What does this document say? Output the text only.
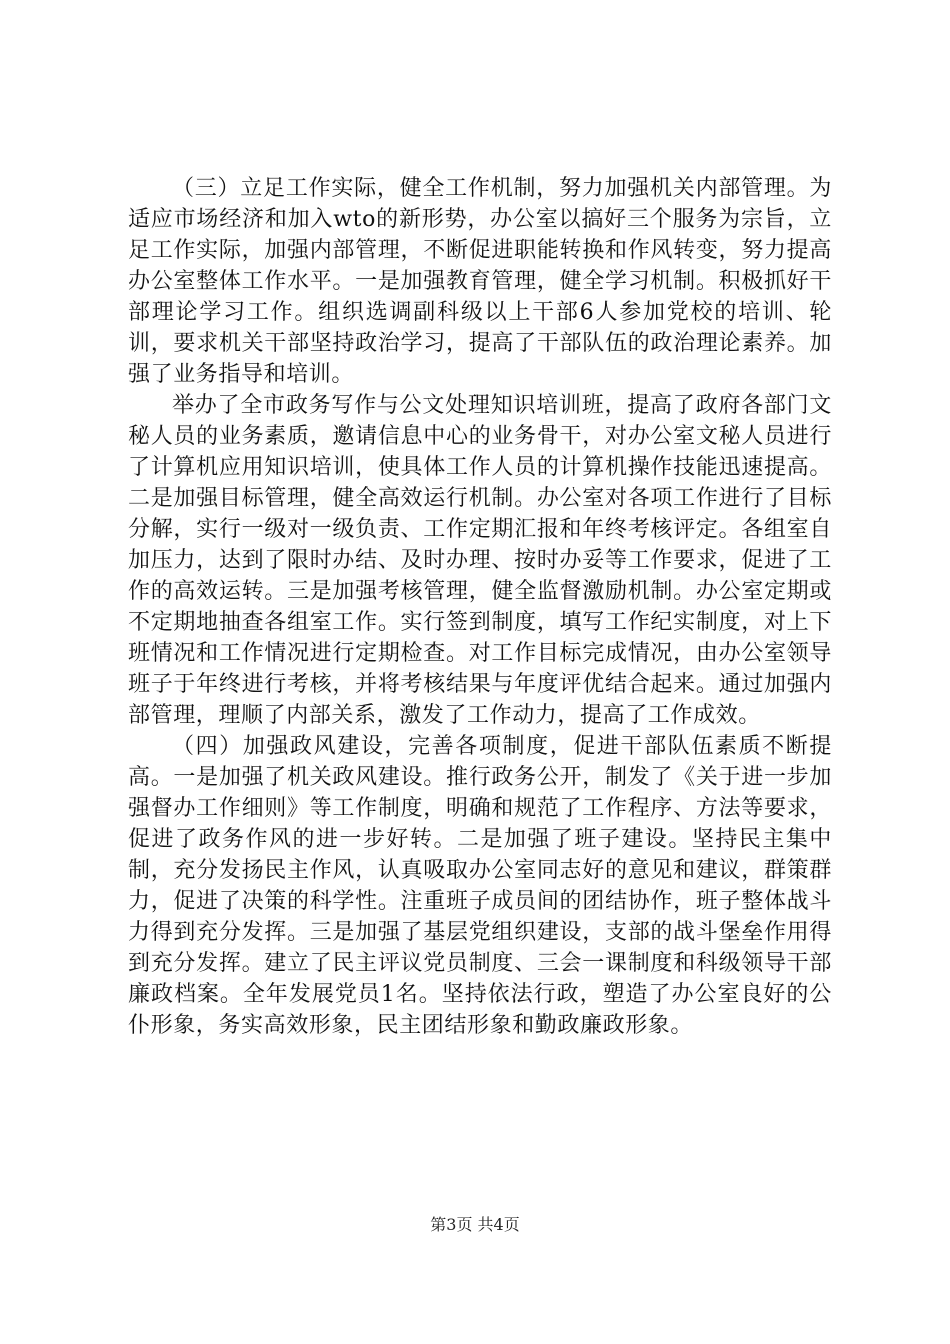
（三）立足工作实际，健全工作机制，努力加强机关内部管理。为适应市场经济和加入wto的新形势，办公室以搞好三个服务为宗旨，立足工作实际，加强内部管理，不断促进职能转换和作风转变，努力提高办公室整体工作水平。一是加强教育管理，健全学习机制。积极抓好干部理论学习工作。组织选调副科级以上干部6人参加党校的培训、轮训，要求机关干部坚持政治学习，提高了干部队伍的政治理论素养。加强了业务指导和培训。

举办了全市政务写作与公文处理知识培训班，提高了政府各部门文秘人员的业务素质，邀请信息中心的业务骨干，对办公室文秘人员进行了计算机应用知识培训，使具体工作人员的计算机操作技能迅速提高。二是加强目标管理，健全高效运行机制。办公室对各项工作进行了目标分解，实行一级对一级负责、工作定期汇报和年终考核评定。各组室自加压力，达到了限时办结、及时办理、按时办妥等工作要求，促进了工作的高效运转。三是加强考核管理，健全监督激励机制。办公室定期或不定期地抽查各组室工作。实行签到制度，填写工作纪实制度，对上下班情况和工作情况进行定期检查。对工作目标完成情况，由办公室领导班子于年终进行考核，并将考核结果与年度评优结合起来。通过加强内部管理，理顺了内部关系，激发了工作动力，提高了工作成效。

（四）加强政风建设，完善各项制度，促进干部队伍素质不断提高。一是加强了机关政风建设。推行政务公开，制发了《关于进一步加强督办工作细则》等工作制度，明确和规范了工作程序、方法等要求，促进了政务作风的进一步好转。二是加强了班子建设。坚持民主集中制，充分发扬民主作风，认真吸取办公室同志好的意见和建议，群策群力，促进了决策的科学性。注重班子成员间的团结协作，班子整体战斗力得到充分发挥。三是加强了基层党组织建设，支部的战斗堡垒作用得到充分发挥。建立了民主评议党员制度、三会一课制度和科级领导干部廉政档案。全年发展党员1名。坚持依法行政，塑造了办公室良好的公仆形象，务实高效形象，民主团结形象和勤政廉政形象。

第3页 共4页
